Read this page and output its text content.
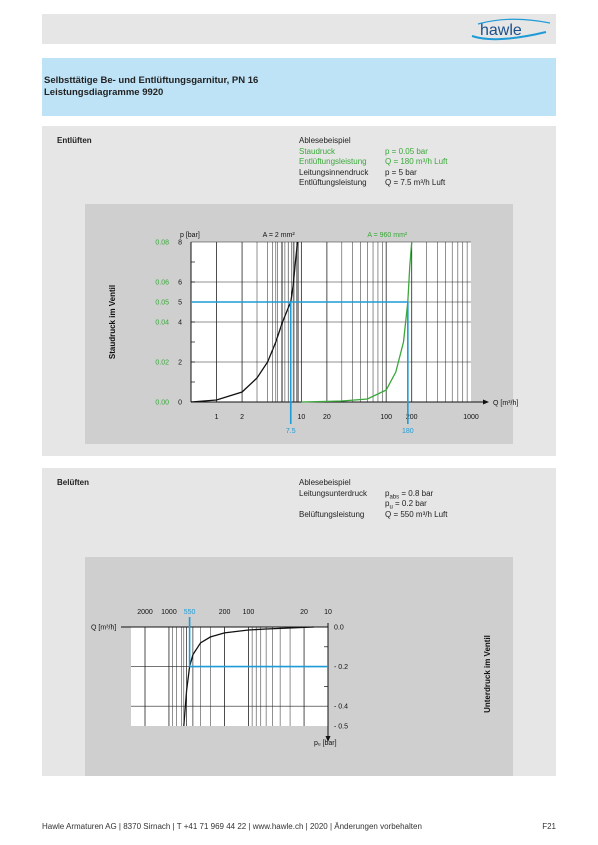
hawle
Selbsttätige Be- und Entlüftungsgarnitur, PN 16
Leistungsdiagramme 9920
Entlüften	Ablesebeispiel
Staudruck	p = 0.05 bar
Entlüftungsleistung Q = 180 m³/h Luft
Leitungsinnendruck p = 5 bar
Entlüftungsleistung Q = 7.5 m³/h Luft
1	2	10	20	100 200	1000
0
2
4
5
6
8
0.00
0.02
0.04
0.05
0.06
0.08
p [bar]
Q [m³/h]
Staudruck im Ventil
A = 2 mm²	A = 960 mm²
7.5	180
Belüften	Ablesebeispiel
Leitungsunterdruck $p_{abs} = 0.8$ bar
$p_u = 0.2$ bar
Belüftungsleistung	Q = 550 m³/h Luft
2000 1000	200 100	20 10
0.0
- 0.2
- 0.4
- 0.5
Q [m³/h]
pᵤ [bar]
Unterdruck im Ventil
550
Hawle Armaturen AG | 8370 Sirnach | T +41 71 969 44 22 | www.hawle.ch | 2020 | Änderungen vorbehalten	F21
